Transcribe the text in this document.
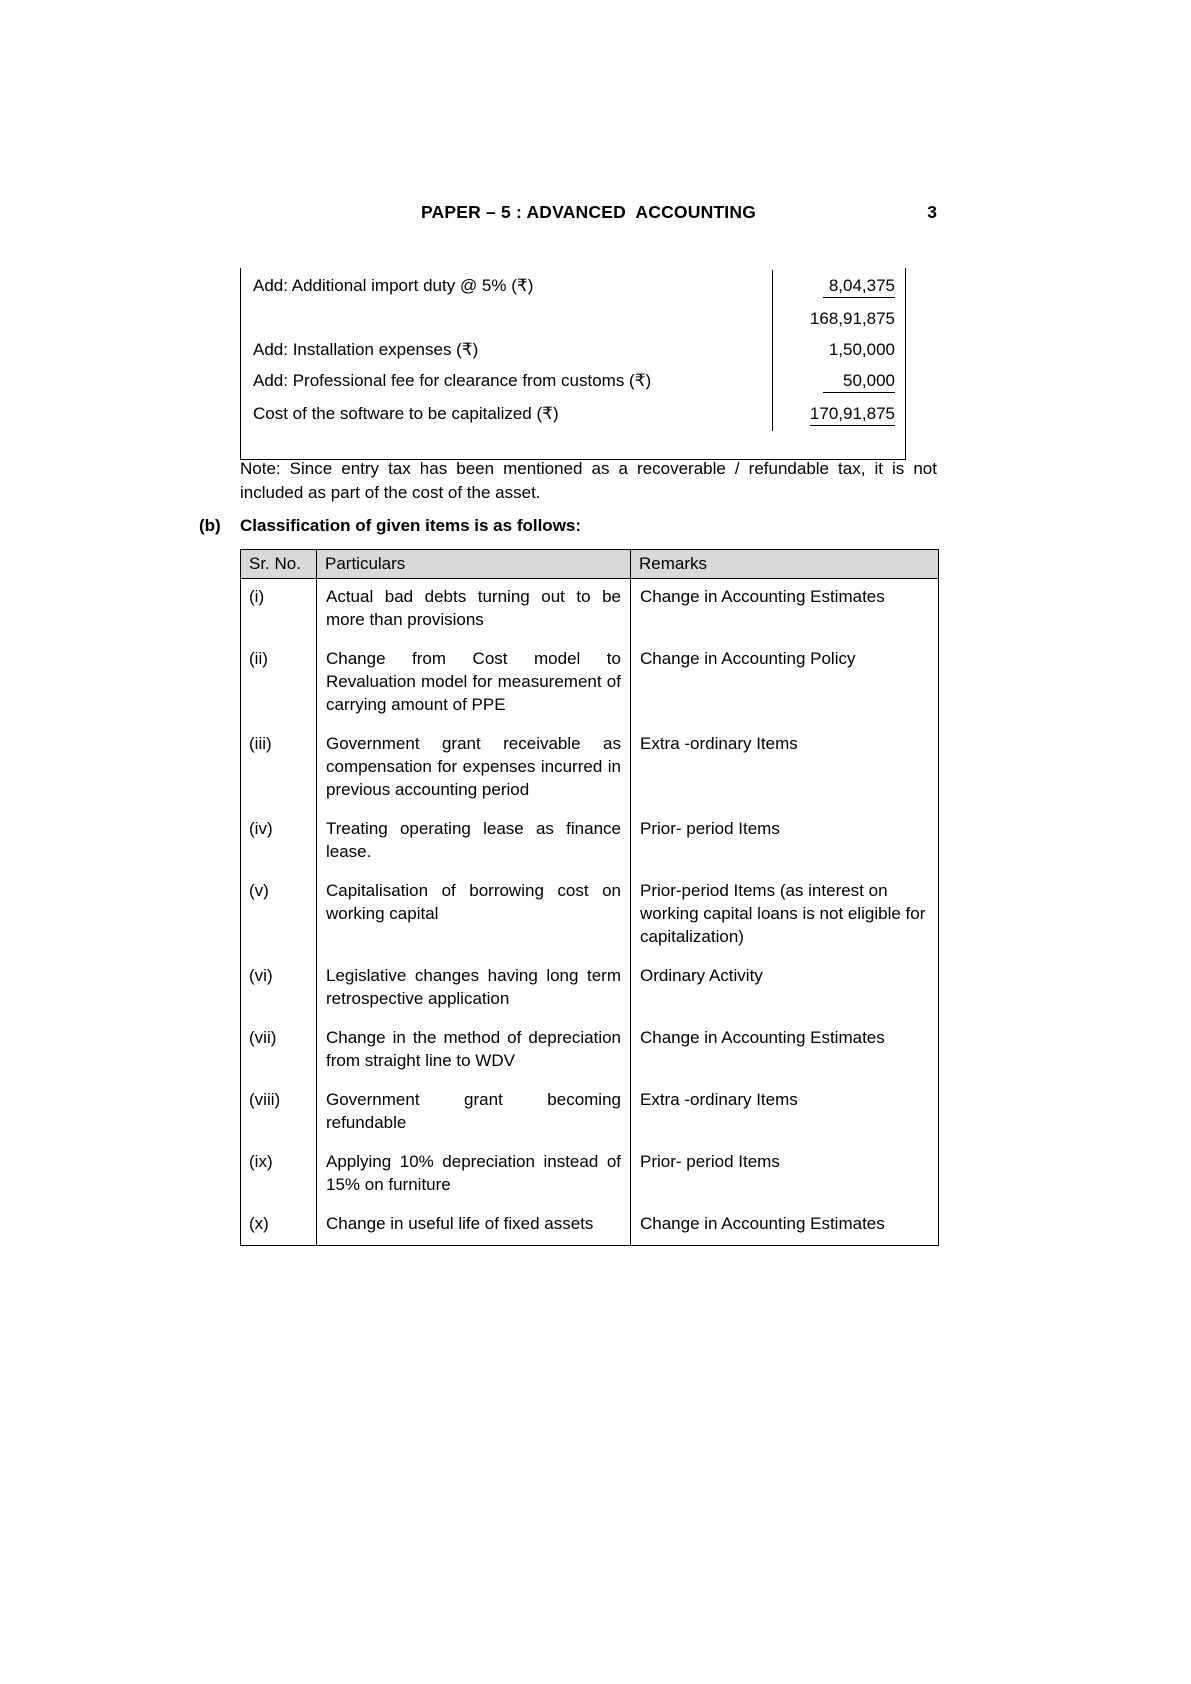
PAPER – 5 : ADVANCED  ACCOUNTING	3
Add: Additional import duty @ 5% (₹)	8,04,375
168,91,875
Add: Installation expenses (₹)	1,50,000
Add: Professional fee for clearance from customs (₹)	50,000
Cost of the software to be capitalized (₹)	170,91,875

Note: Since entry tax has been mentioned as a recoverable / refundable tax, it is not included as part of the cost of the asset.

(b) Classification of given items is as follows:
Sr. No.	Particulars	Remarks
(i)	Actual bad debts turning out to be more than provisions	Change in Accounting Estimates
(ii)	Change from Cost model to Revaluation model for measurement of carrying amount of PPE	Change in Accounting Policy
(iii)	Government grant receivable as compensation for expenses incurred in previous accounting period	Extra -ordinary Items
(iv)	Treating operating lease as finance lease.	Prior- period Items
(v)	Capitalisation of borrowing cost on working capital	Prior-period Items (as interest on working capital loans is not eligible for capitalization)
(vi)	Legislative changes having long term retrospective application	Ordinary Activity
(vii)	Change in the method of depreciation from straight line to WDV	Change in Accounting Estimates
(viii)	Government grant becoming refundable	Extra -ordinary Items
(ix)	Applying 10% depreciation instead of 15% on furniture	Prior- period Items
(x)	Change in useful life of fixed assets	Change in Accounting Estimates
